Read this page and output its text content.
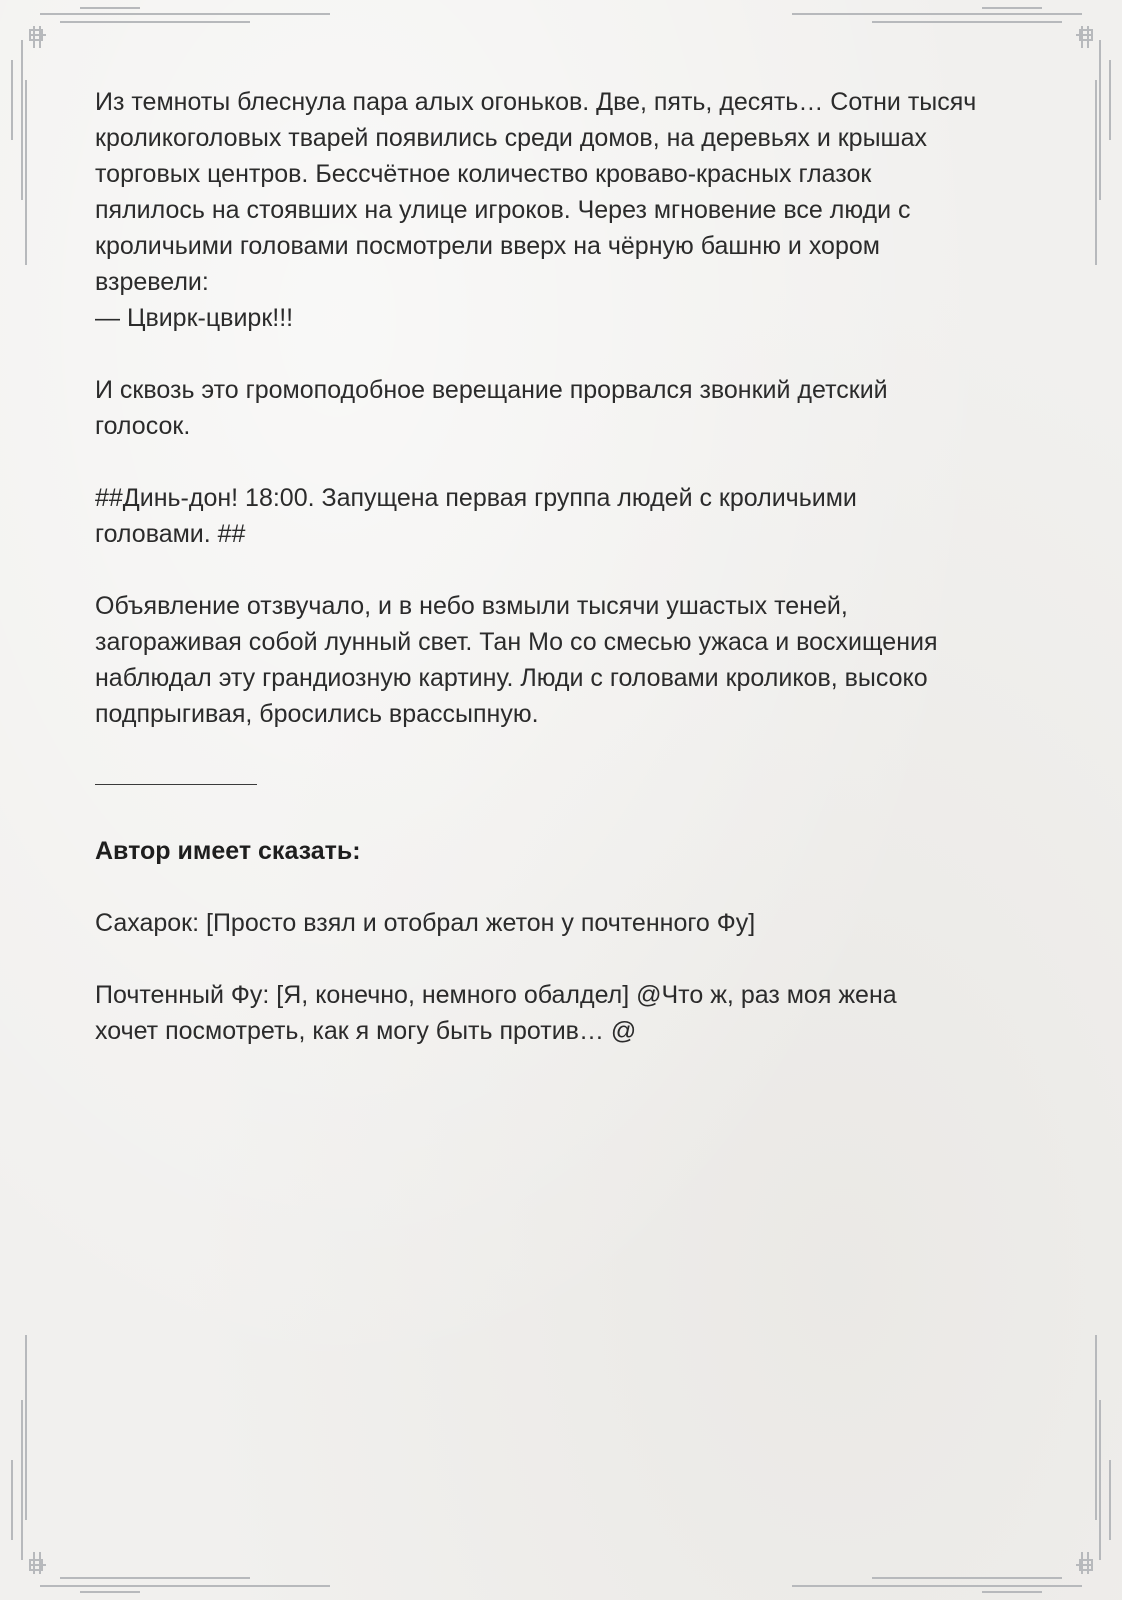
Из темноты блеснула пара алых огоньков. Две, пять, десять… Сотни тысяч
кроликоголовых тварей появились среди домов, на деревьях и крышах
торговых центров. Бессчётное количество кроваво-красных глазок
пялилось на стоявших на улице игроков. Через мгновение все люди с
кроличьими головами посмотрели вверх на чёрную башню и хором
взревели:

— Цвирк-цвирк!!!

И сквозь это громоподобное верещание прорвался звонкий детский
голосок.

##Динь-дон! 18:00. Запущена первая группа людей с кроличьими
головами. ##

Объявление отзвучало, и в небо взмыли тысячи ушастых теней,
загораживая собой лунный свет. Тан Мо со смесью ужаса и восхищения
наблюдал эту грандиозную картину. Люди с головами кроликов, высоко
подпрыгивая, бросились врассыпную.

Автор имеет сказать:

Сахарок: [Просто взял и отобрал жетон у почтенного Фу]

Почтенный Фу: [Я, конечно, немного обалдел] @Что ж, раз моя жена
хочет посмотреть, как я могу быть против… @
